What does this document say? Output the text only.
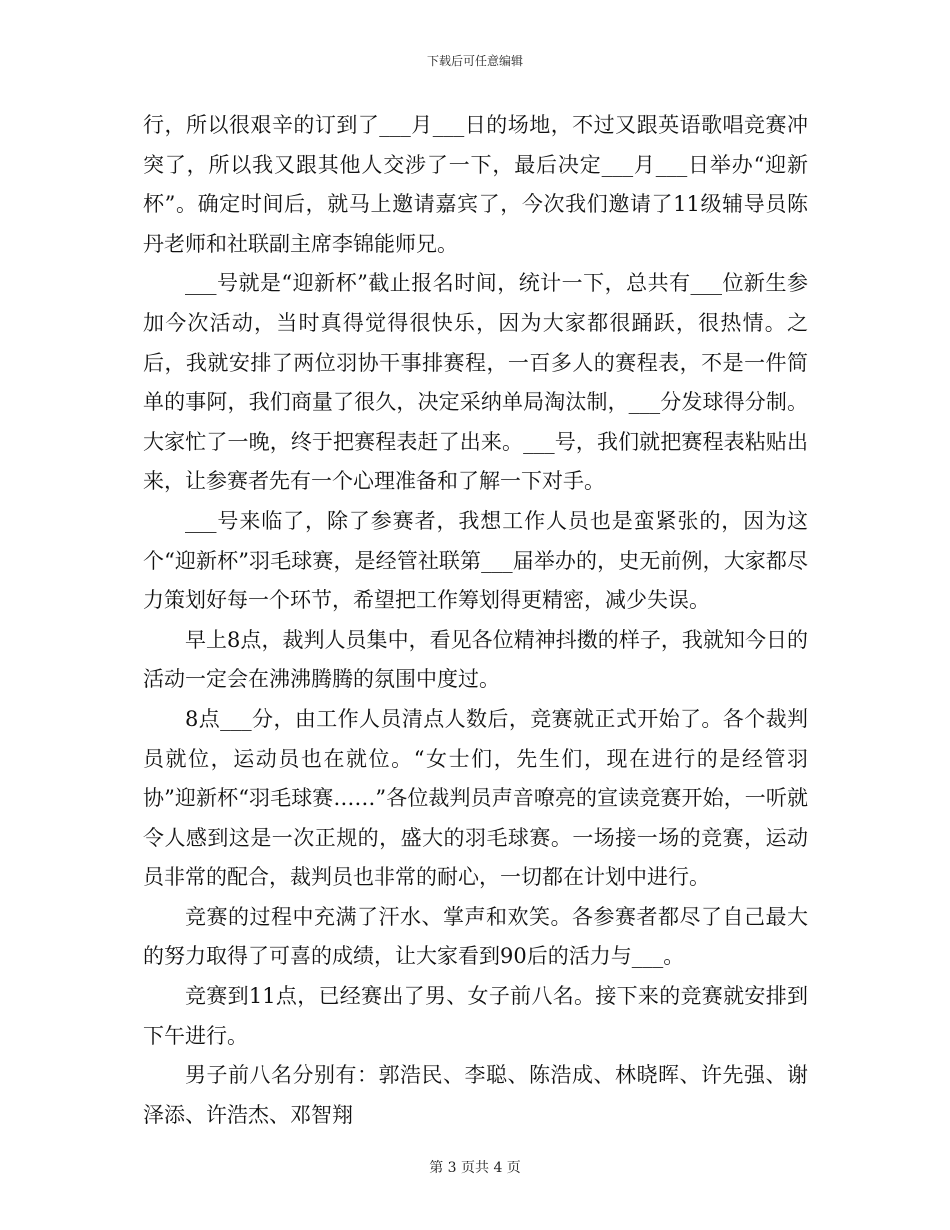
下载后可任意编辑

行，所以很艰辛的订到了___月___日的场地，不过又跟英语歌唱竞赛冲突了，所以我又跟其他人交涉了一下，最后决定___月___日举办“迎新杯”。确定时间后，就马上邀请嘉宾了，今次我们邀请了11级辅导员陈丹老师和社联副主席李锦能师兄。

___号就是“迎新杯”截止报名时间，统计一下，总共有___位新生参加今次活动，当时真得觉得很快乐，因为大家都很踊跃，很热情。之后，我就安排了两位羽协干事排赛程，一百多人的赛程表，不是一件简单的事阿，我们商量了很久，决定采纳单局淘汰制，___分发球得分制。大家忙了一晚，终于把赛程表赶了出来。___号，我们就把赛程表粘贴出来，让参赛者先有一个心理准备和了解一下对手。

___号来临了，除了参赛者，我想工作人员也是蛮紧张的，因为这个“迎新杯”羽毛球赛，是经管社联第___届举办的，史无前例，大家都尽力策划好每一个环节，希望把工作筹划得更精密，减少失误。

早上8点，裁判人员集中，看见各位精神抖擞的样子，我就知今日的活动一定会在沸沸腾腾的氛围中度过。

8点___分，由工作人员清点人数后，竞赛就正式开始了。各个裁判员就位，运动员也在就位。“女士们，先生们，现在进行的是经管羽协”迎新杯“羽毛球赛……”各位裁判员声音嘹亮的宣读竞赛开始，一听就令人感到这是一次正规的，盛大的羽毛球赛。一场接一场的竞赛，运动员非常的配合，裁判员也非常的耐心，一切都在计划中进行。

竞赛的过程中充满了汗水、掌声和欢笑。各参赛者都尽了自己最大的努力取得了可喜的成绩，让大家看到90后的活力与___。

竞赛到11点，已经赛出了男、女子前八名。接下来的竞赛就安排到下午进行。

男子前八名分别有：郭浩民、李聪、陈浩成、林晓晖、许先强、谢泽添、许浩杰、邓智翔

第 3 页共 4 页
